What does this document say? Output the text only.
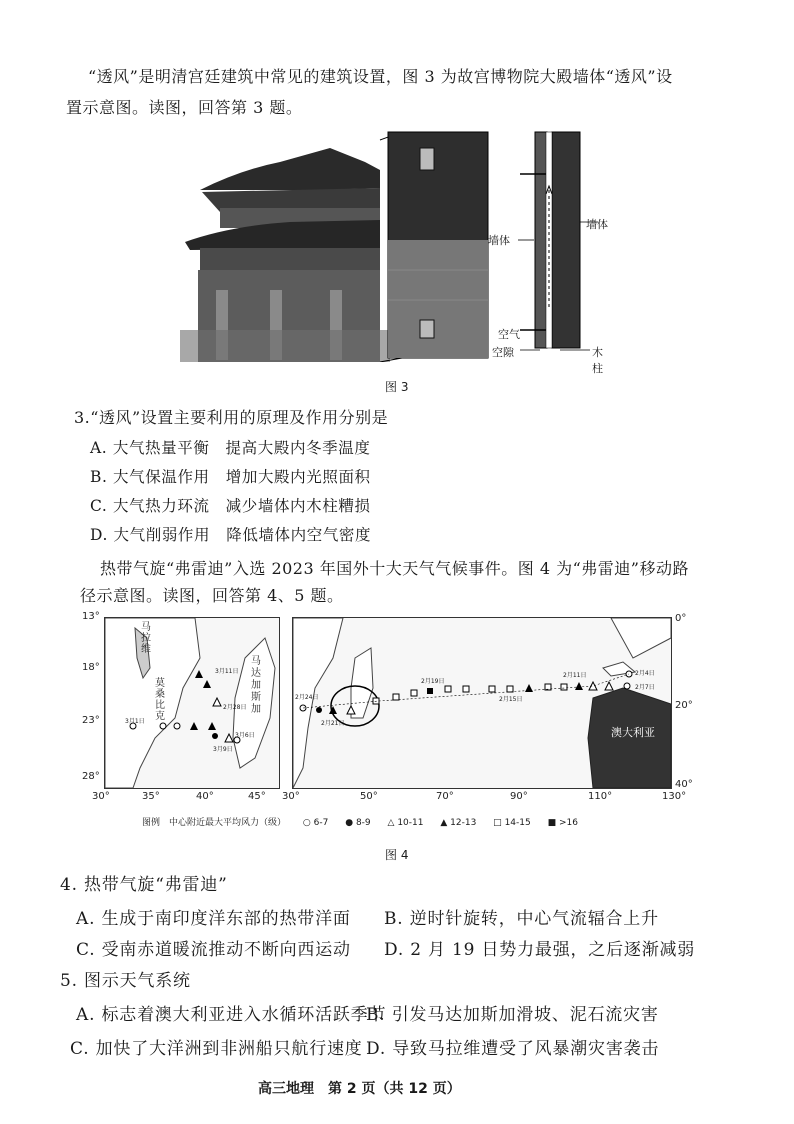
“透风”是明清宫廷建筑中常见的建筑设置，图 3 为故宫博物院大殿墙体“透风”设
置示意图。读图，回答第 3 题。
墙体
墙体
空气
空隙	木柱
图 3
3.“透风”设置主要利用的原理及作用分别是
A. 大气热量平衡　提高大殿内冬季温度
B. 大气保温作用　增加大殿内光照面积
C. 大气热力环流　减少墙体内木柱糟损
D. 大气削弱作用　降低墙体内空气密度
热带气旋“弗雷迪”入选 2023 年国外十大天气气候事件。图 4 为“弗雷迪”移动路
径示意图。读图，回答第 4、5 题。
3月1日
3月11日
3月6日
3月9日
2月28日
马
拉
维
莫
桑
比
克
马
达
加
斯
加
13°
18°
23°
28°
30°	35°	40°	45°
2月24日
2月21日
2月19日
2月15日
2月11日	2月4日
2月7日
澳大利亚
0°
20°
40°
30°	50°	70°	90°	110°	130°
图例　中心附近最大平均风力（级） ○ 6-7 ● 8-9 △ 10-11 ▲ 12-13 □ 14-15 ■ >16
图 4
4. 热带气旋“弗雷迪”
A. 生成于南印度洋东部的热带洋面 B. 逆时针旋转，中心气流辐合上升
C. 受南赤道暖流推动不断向西运动 D. 2 月 19 日势力最强，之后逐渐减弱
5. 图示天气系统
A. 标志着澳大利亚进入水循环活跃季节
B. 引发马达加斯加滑坡、泥石流灾害
C. 加快了大洋洲到非洲船只航行速度 D. 导致马拉维遭受了风暴潮灾害袭击
高三地理　第 2 页（共 12 页）
